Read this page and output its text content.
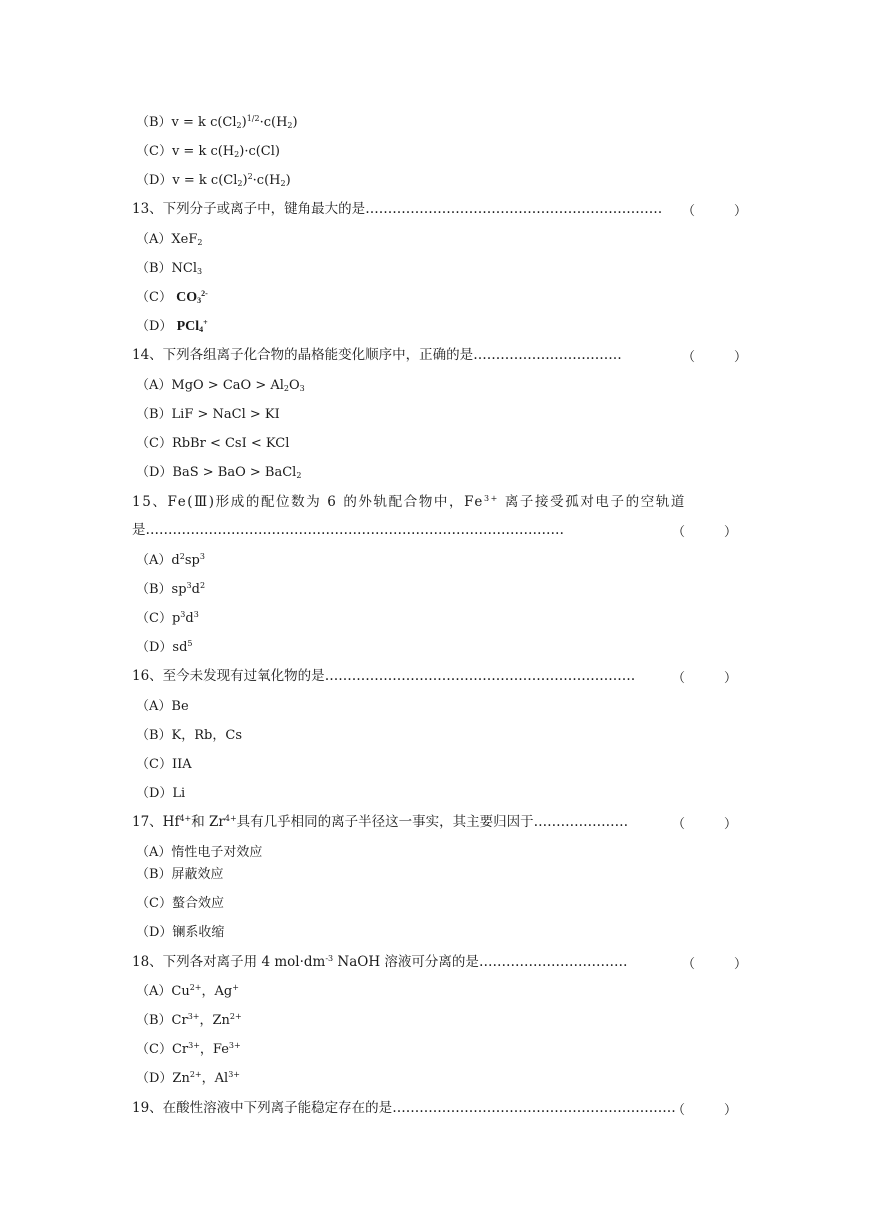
（B）v = k $c(Cl_2)^{1/2}\cdot c(H_2)$
（C）v = k $c(H_2)\cdot c(Cl)$
（D）v = k $c(Cl_2)^2\cdot c(H_2)$
13、下列分子或离子中，键角最大的是………………………………………………………… （　　　）
（A）XeF$_2$
（B）NCl$_3$
（C） $CO_3^{2-}$
（D） PCl$_4$+
14、下列各组离子化合物的晶格能变化顺序中，正确的是……………………………	（　　　）
（A）MgO > CaO > $Al_2O_3$
（B）LiF > NaCl > KI
（C）RbBr < CsI < KCl
（D）BaS > BaO > BaCl$_2$
15、Fe(Ⅲ)形成的配位数为 6 的外轨配合物中，$Fe^{3+}$ 离子接受孤对电子的空轨道
是…………………………………………………………………………………	（　　　）
$(A)d^2sp^3$
$(B)sp^3d^2$
$(C)p^3d^3$
$(D)sd^5$
16、至今未发现有过氧化物的是……………………………………………………………	（　　　）
（A）Be
（B）K，Rb，Cs
（C）IIA
（D）Li
17、$Hf^{4+}$和 $Zr^{4+}$具有几乎相同的离子半径这一事实，其主要归因于…………………	（　　　）
（A）惰性电子对效应
（B）屏蔽效应
（C）螯合效应
（D）镧系收缩
18、下列各对离子用 4 $mol\cdot dm^{-3}$ NaOH 溶液可分离的是……………………………	（　　　）
$(A)Cu^{2+}$，Ag+
$(B)Cr^{3+}$，$Zn^{2+}$
$(C)Cr^{3+}$，$Fe^{3+}$
$(D)Zn^{2+}$，$Al^{3+}$
19、在酸性溶液中下列离子能稳定存在的是………………………………………………………
（　　　）
